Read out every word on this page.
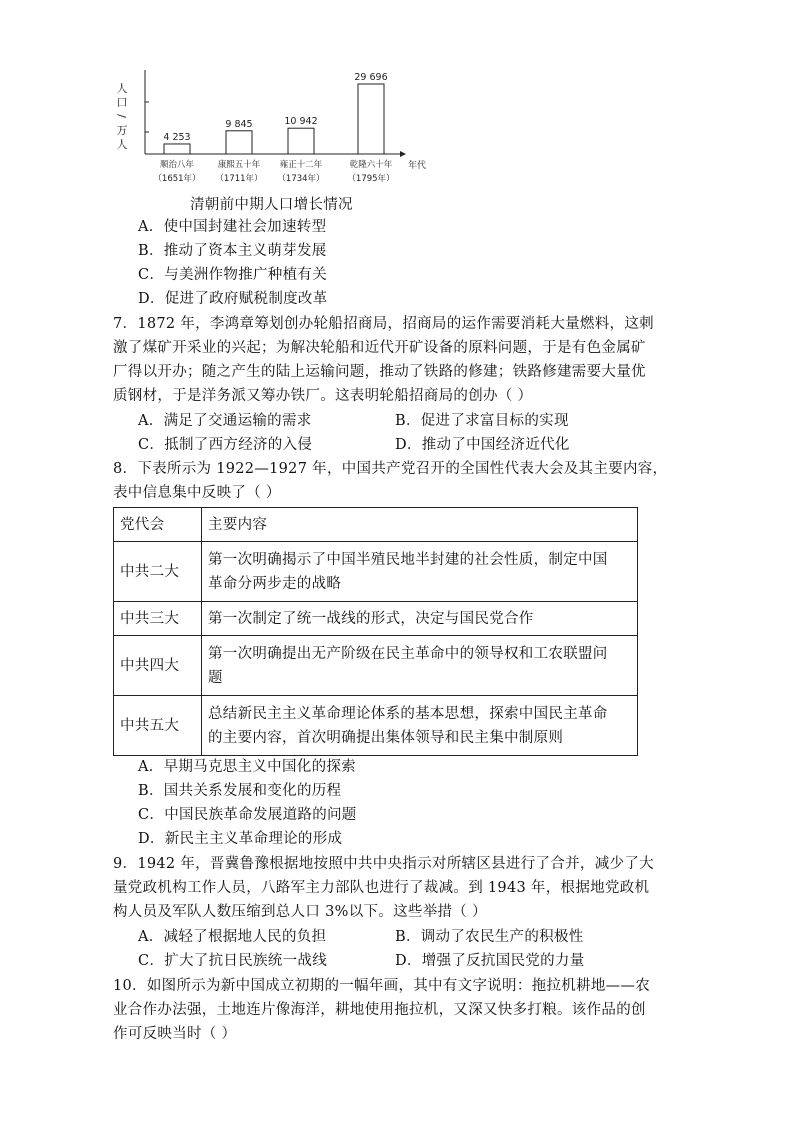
人
口
/
万
人
年代
4 253
顺治八年
（1651年）
9 845
康熙五十年
（1711年）
10 942
雍正十二年
（1734年）
29 696
乾隆六十年
（1795年）
清朝前中期人口增长情况
A．使中国封建社会加速转型
B．推动了资本主义萌芽发展
C．与美洲作物推广种植有关
D．促进了政府赋税制度改革
7．1872 年，李鸿章筹划创办轮船招商局，招商局的运作需要消耗大量燃料，这刺
激了煤矿开采业的兴起；为解决轮船和近代开矿设备的原料问题，于是有色金属矿
厂得以开办；随之产生的陆上运输问题，推动了铁路的修建；铁路修建需要大量优
质钢材，于是洋务派又筹办铁厂。这表明轮船招商局的创办（ ）
A．满足了交通运输的需求	B．促进了求富目标的实现
C．抵制了西方经济的入侵	D．推动了中国经济近代化
8．下表所示为 1922—1927 年，中国共产党召开的全国性代表大会及其主要内容，
表中信息集中反映了（ ）
党代会	主要内容
中共二大	第一次明确揭示了中国半殖民地半封建的社会性质，制定中国
革命分两步走的战略

中共三大	第一次制定了统一战线的形式，决定与国民党合作

中共四大	第一次明确提出无产阶级在民主革命中的领导权和工农联盟问
题

中共五大	总结新民主主义革命理论体系的基本思想，探索中国民主革命
的主要内容，首次明确提出集体领导和民主集中制原则
A．早期马克思主义中国化的探索
B．国共关系发展和变化的历程
C．中国民族革命发展道路的问题
D．新民主主义革命理论的形成
9．1942 年，晋冀鲁豫根据地按照中共中央指示对所辖区县进行了合并，减少了大
量党政机构工作人员，八路军主力部队也进行了裁减。到 1943 年，根据地党政机
构人员及军队人数压缩到总人口 3%以下。这些举措（ ）
A．减轻了根据地人民的负担	B．调动了农民生产的积极性
C．扩大了抗日民族统一战线	D．增强了反抗国民党的力量
10．如图所示为新中国成立初期的一幅年画，其中有文字说明：拖拉机耕地——农
业合作办法强，土地连片像海洋，耕地使用拖拉机，又深又快多打粮。该作品的创
作可反映当时（ ）
